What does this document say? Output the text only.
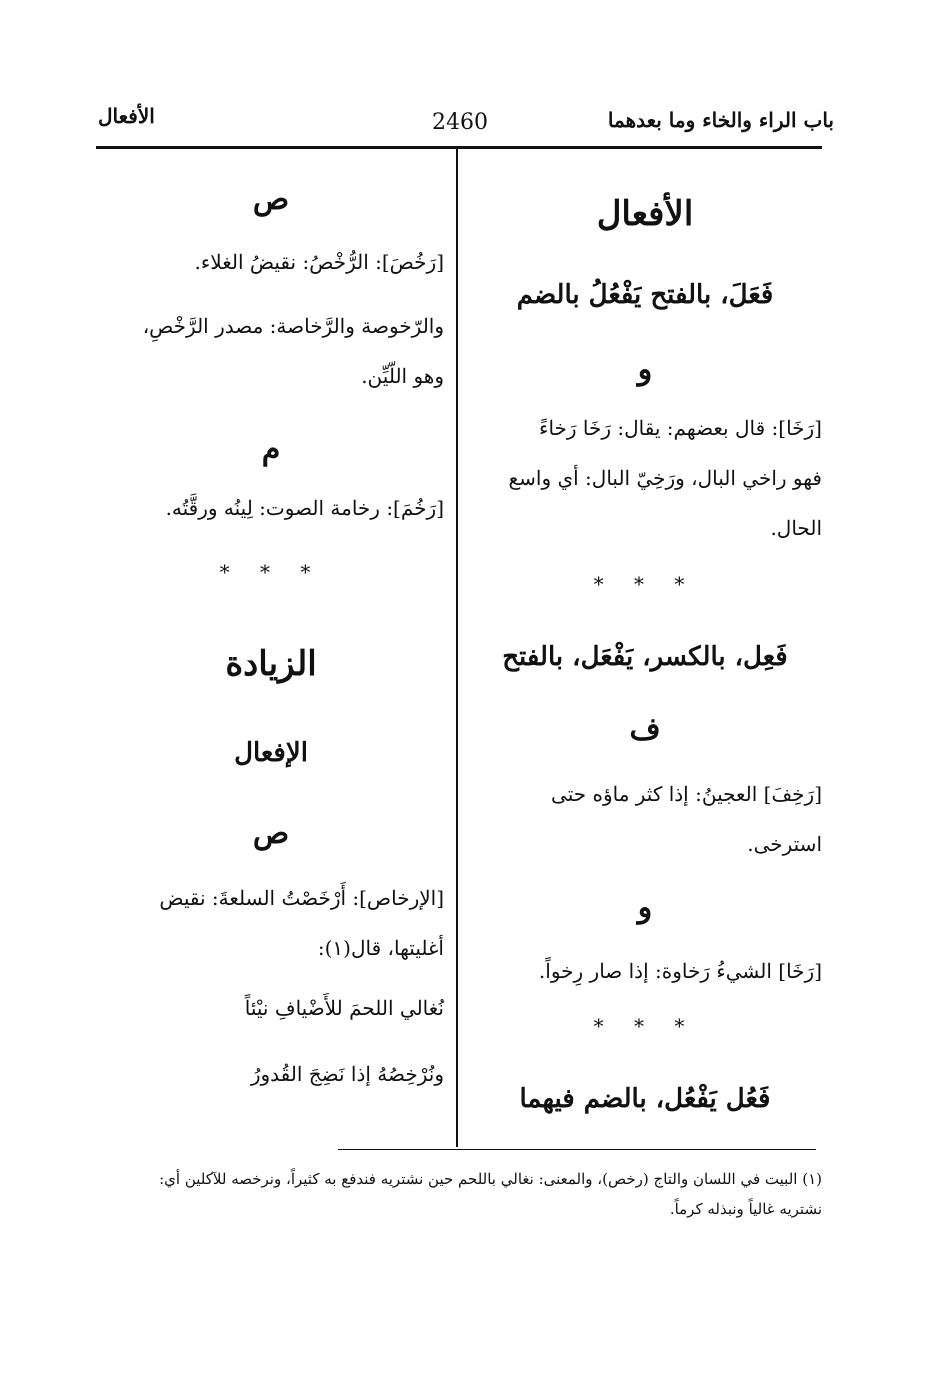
الأفعال	2460	باب الراء والخاء وما بعدهما
الأفعال
فَعَلَ، بالفتح يَفْعُلُ بالضم
و
[رَخَا]: قال بعضهم: يقال: رَخَا رَخاءً
فهو راخي البال، ورَخِيّ البال: أي واسع
الحال.
* * *
فَعِل، بالكسر، يَفْعَل، بالفتح
ف
[رَخِفَ] العجينُ: إذا كثر ماؤه حتى
استرخى.
و
[رَخَا] الشيءُ رَخاوة: إذا صار رِخواً.
* * *
فَعُل يَفْعُل، بالضم فيهما
ص
[رَخُصَ]: الرُّخْصُ: نقيضُ الغلاء.
والرّخوصة والرَّخاصة: مصدر الرَّخْصِ،
وهو اللّيِّن.
م
[رَخُمَ]: رخامة الصوت: لِينُه ورقَّتُه.
* * *
الزيادة
الإفعال
ص
[الإرخاص]: أَرْخَصْتُ السلعةَ: نقيض
أغليتها، قال(١):
نُغالي اللحمَ للأَضْيافِ نيْئاً
ونُرْخِصُهُ إذا نَضِجَ القُدورُ
(١) البيت في اللسان والتاج (رخص)، والمعنى: نغالي باللحم حين نشتريه فندفع به كثيراً، ونرخصه للآكلين أي:
نشتريه غالياً ونبذله كرماً.
